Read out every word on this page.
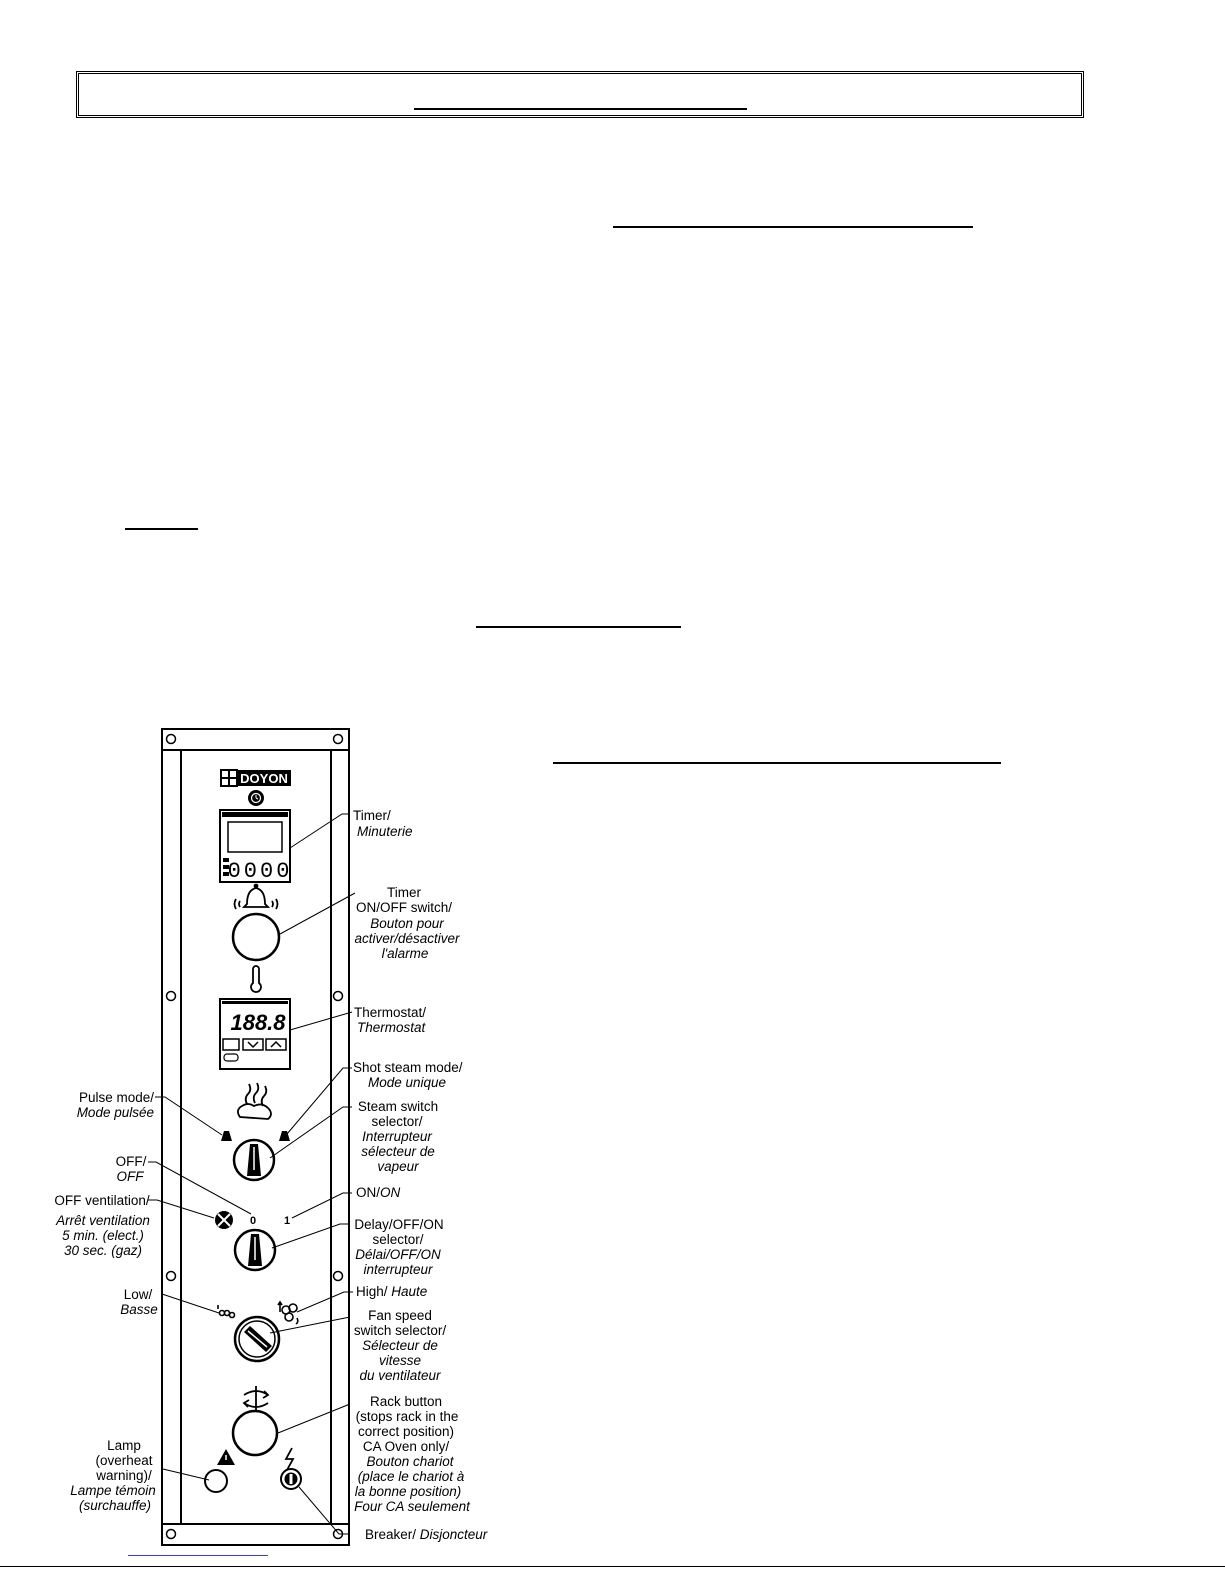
DOYON
0000
188.8
0	1
Timer/
Minuterie
Timer
ON/OFF switch/
Bouton pour
activer/désactiver
l'alarme
Thermostat/
Thermostat
Shot steam mode/
Mode unique
Steam switch
selector/
Interrupteur
sélecteur de
vapeur
ON/ON
Delay/OFF/ON
selector/
Délai/OFF/ON
interrupteur
High/ Haute
Fan speed
switch selector/
Sélecteur de
vitesse
du ventilateur
Rack button
(stops rack in the
correct position)
CA Oven only/
Bouton chariot
(place le chariot à
la bonne position)
Four CA seulement
Breaker/ Disjoncteur
Pulse mode/
Mode pulsée
OFF/
OFF
OFF ventilation/
Arrêt ventilation
5 min. (elect.)
30 sec. (gaz)
Low/
Basse
Lamp
(overheat
warning)/
Lampe témoin
(surchauffe)
